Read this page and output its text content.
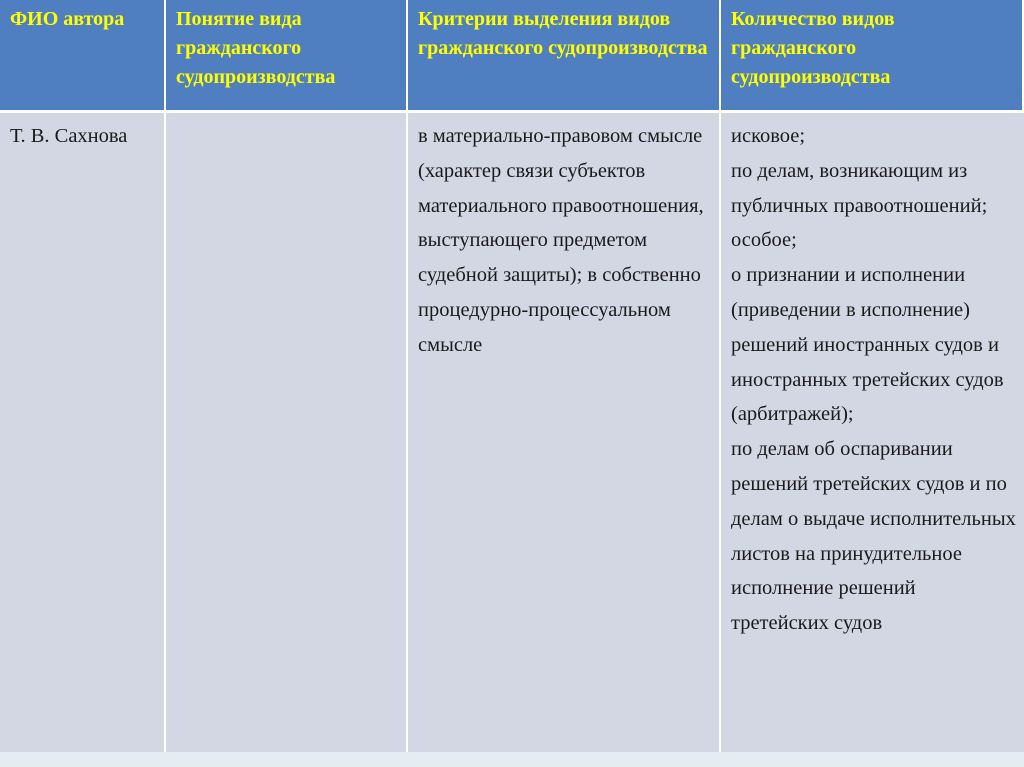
ФИО автора	Понятие вида гражданского судопроизводства
Критерии выделения видов гражданского судопроизводства
Количество видов гражданского судопроизводства
Т. В. Сахнова	в материально-правовом смысле (характер связи субъектов материального правоотношения, выступающего предметом судебной защиты); в собственно процедурно-процессуальном смысле
исковое;
по делам, возникающим из публичных правоотношений;
особое;
о признании и исполнении (приведении в исполнение) решений иностранных судов и иностранных третейских судов (арбитражей);
по делам об оспаривании решений третейских судов и по делам о выдаче исполнительных листов на принудительное исполнение решений третейских судов
